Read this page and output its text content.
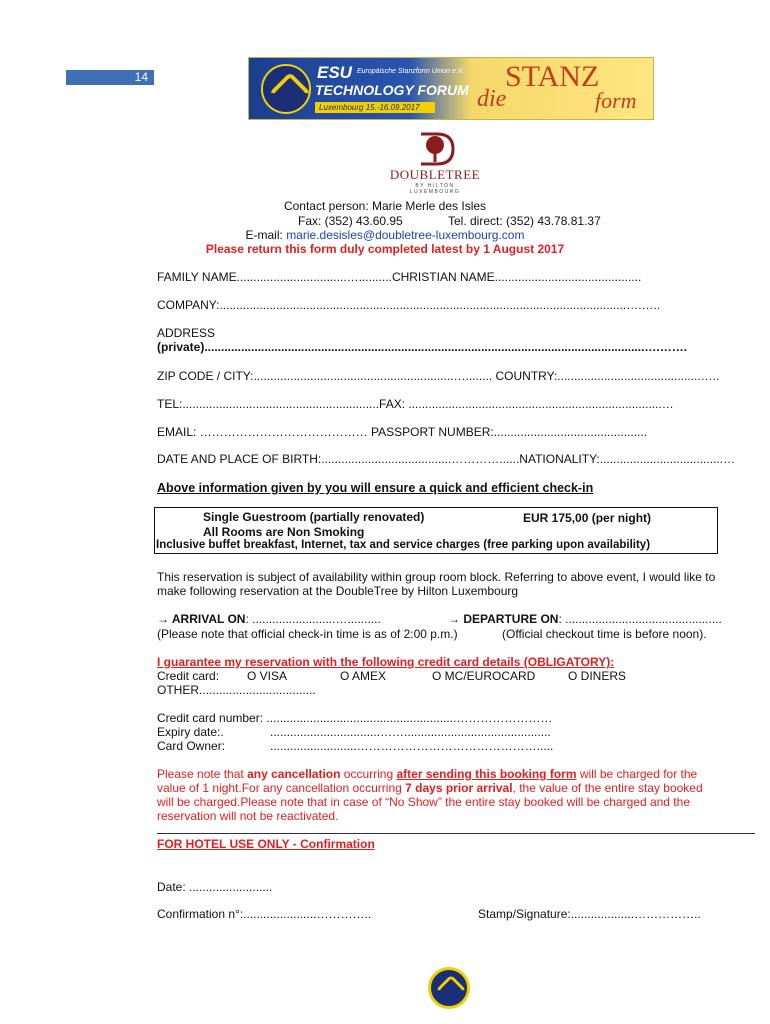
14	ESU Europäische Stanzform Union e.V.
TECHNOLOGY FORUM
Luxembourg 15.-16.09.2017	die
STANZ
form
DOUBLETREE
BY HILTON
LUXEMBOURG
Contact person: Marie Merle des Isles
Fax: (352) 43.60.95	Tel. direct: (352) 43.78.81.37
E-mail: marie.desisles@doubletree-luxembourg.com
Please return this form duly completed latest by 1 August 2017
FAMILY NAME.................................…..........CHRISTIAN NAME............................................
COMPANY:..........................................................................................................................….…..
ADDRESS
(private)....................................................................................................................................….…….
ZIP CODE / CITY:............................................................…........ COUNTRY:...........................................…..
TEL:...........................................................FAX: ............................................................................…
EMAIL: …………………………………… PASSPORT NUMBER:..............................................
DATE AND PLACE OF BIRTH:.......................................…………......NATIONALITY:.....................................…
Above information given by you will ensure a quick and efficient check-in
Single Guestroom (partially renovated)	EUR 175,00 (per night)
All Rooms are Non Smoking
Inclusive buffet breakfast, Internet, tax and service charges (free parking upon availability)
This reservation is subject of availability within group room block. Referring to above event, I would like to
make following reservation at the DoubleTree by Hilton Luxembourg
→ ARRIVAL ON: .........................…..........	→ DEPARTURE ON: ...............................................
(Please note that official check-in time is as of 2:00 p.m.)	(Official checkout time is before noon).
I guarantee my reservation with the following credit card details (OBLIGATORY):
Credit card: O VISA	O AMEX	O MC/EUROCARD	O DINERS
OTHER...................................
Credit card number: .........................................................……………………
Expiry date:.	.................................……............................................
Card Owner:	..........................……………………………………….....
Please note that any cancellation occurring after sending this booking form will be charged for the
value of 1 night.For any cancellation occurring 7 days prior arrival, the value of the entire stay booked
will be charged.Please note that in case of “No Show” the entire stay booked will be charged and the
reservation will not be reactivated.
FOR HOTEL USE ONLY - Confirmation
Date: .........................
Confirmation n°:......................…………..	Stamp/Signature:...................……………..
